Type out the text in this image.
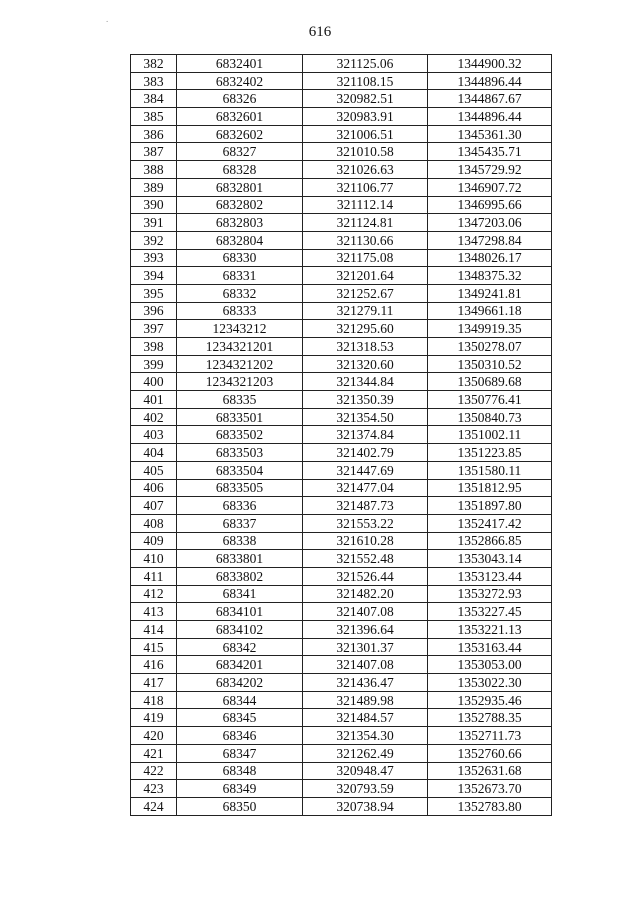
.
616
382	6832401	321125.06	1344900.32
383	6832402	321108.15	1344896.44
384	68326	320982.51	1344867.67
385	6832601	320983.91	1344896.44
386	6832602	321006.51	1345361.30
387	68327	321010.58	1345435.71
388	68328	321026.63	1345729.92
389	6832801	321106.77	1346907.72
390	6832802	321112.14	1346995.66
391	6832803	321124.81	1347203.06
392	6832804	321130.66	1347298.84
393	68330	321175.08	1348026.17
394	68331	321201.64	1348375.32
395	68332	321252.67	1349241.81
396	68333	321279.11	1349661.18
397	12343212	321295.60	1349919.35
398	1234321201	321318.53	1350278.07
399	1234321202	321320.60	1350310.52
400	1234321203	321344.84	1350689.68
401	68335	321350.39	1350776.41
402	6833501	321354.50	1350840.73
403	6833502	321374.84	1351002.11
404	6833503	321402.79	1351223.85
405	6833504	321447.69	1351580.11
406	6833505	321477.04	1351812.95
407	68336	321487.73	1351897.80
408	68337	321553.22	1352417.42
409	68338	321610.28	1352866.85
410	6833801	321552.48	1353043.14
411	6833802	321526.44	1353123.44
412	68341	321482.20	1353272.93
413	6834101	321407.08	1353227.45
414	6834102	321396.64	1353221.13
415	68342	321301.37	1353163.44
416	6834201	321407.08	1353053.00
417	6834202	321436.47	1353022.30
418	68344	321489.98	1352935.46
419	68345	321484.57	1352788.35
420	68346	321354.30	1352711.73
421	68347	321262.49	1352760.66
422	68348	320948.47	1352631.68
423	68349	320793.59	1352673.70
424	68350	320738.94	1352783.80
